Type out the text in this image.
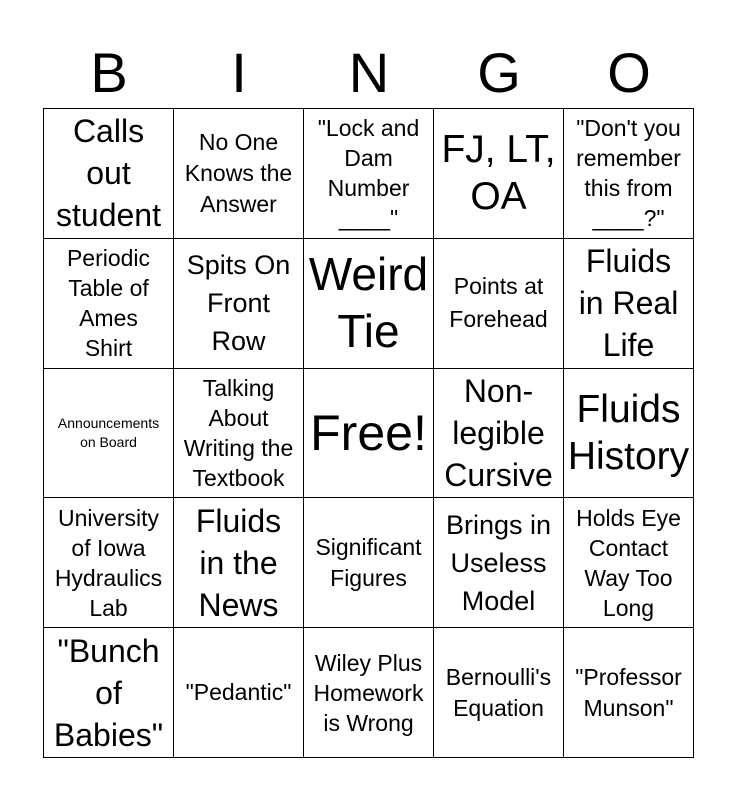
B	I	N	G	O
Calls
out
student	No One
Knows the
Answer	"Lock and
Dam
Number
____"	FJ, LT,
OA	"Don't you
remember
this from
____?"

Periodic
Table of
Ames
Shirt	Spits On
Front
Row	Weird
Tie	Points at
Forehead	Fluids
in Real
Life

Announcements
on Board	Talking
About
Writing the
Textbook	Free!	Non-
legible
Cursive	Fluids
History

University
of Iowa
Hydraulics
Lab	Fluids
in the
News	Significant
Figures	Brings in
Useless
Model	Holds Eye
Contact
Way Too
Long

"Bunch
of
Babies"	"Pedantic"	Wiley Plus
Homework
is Wrong	Bernoulli's
Equation	"Professor
Munson"
